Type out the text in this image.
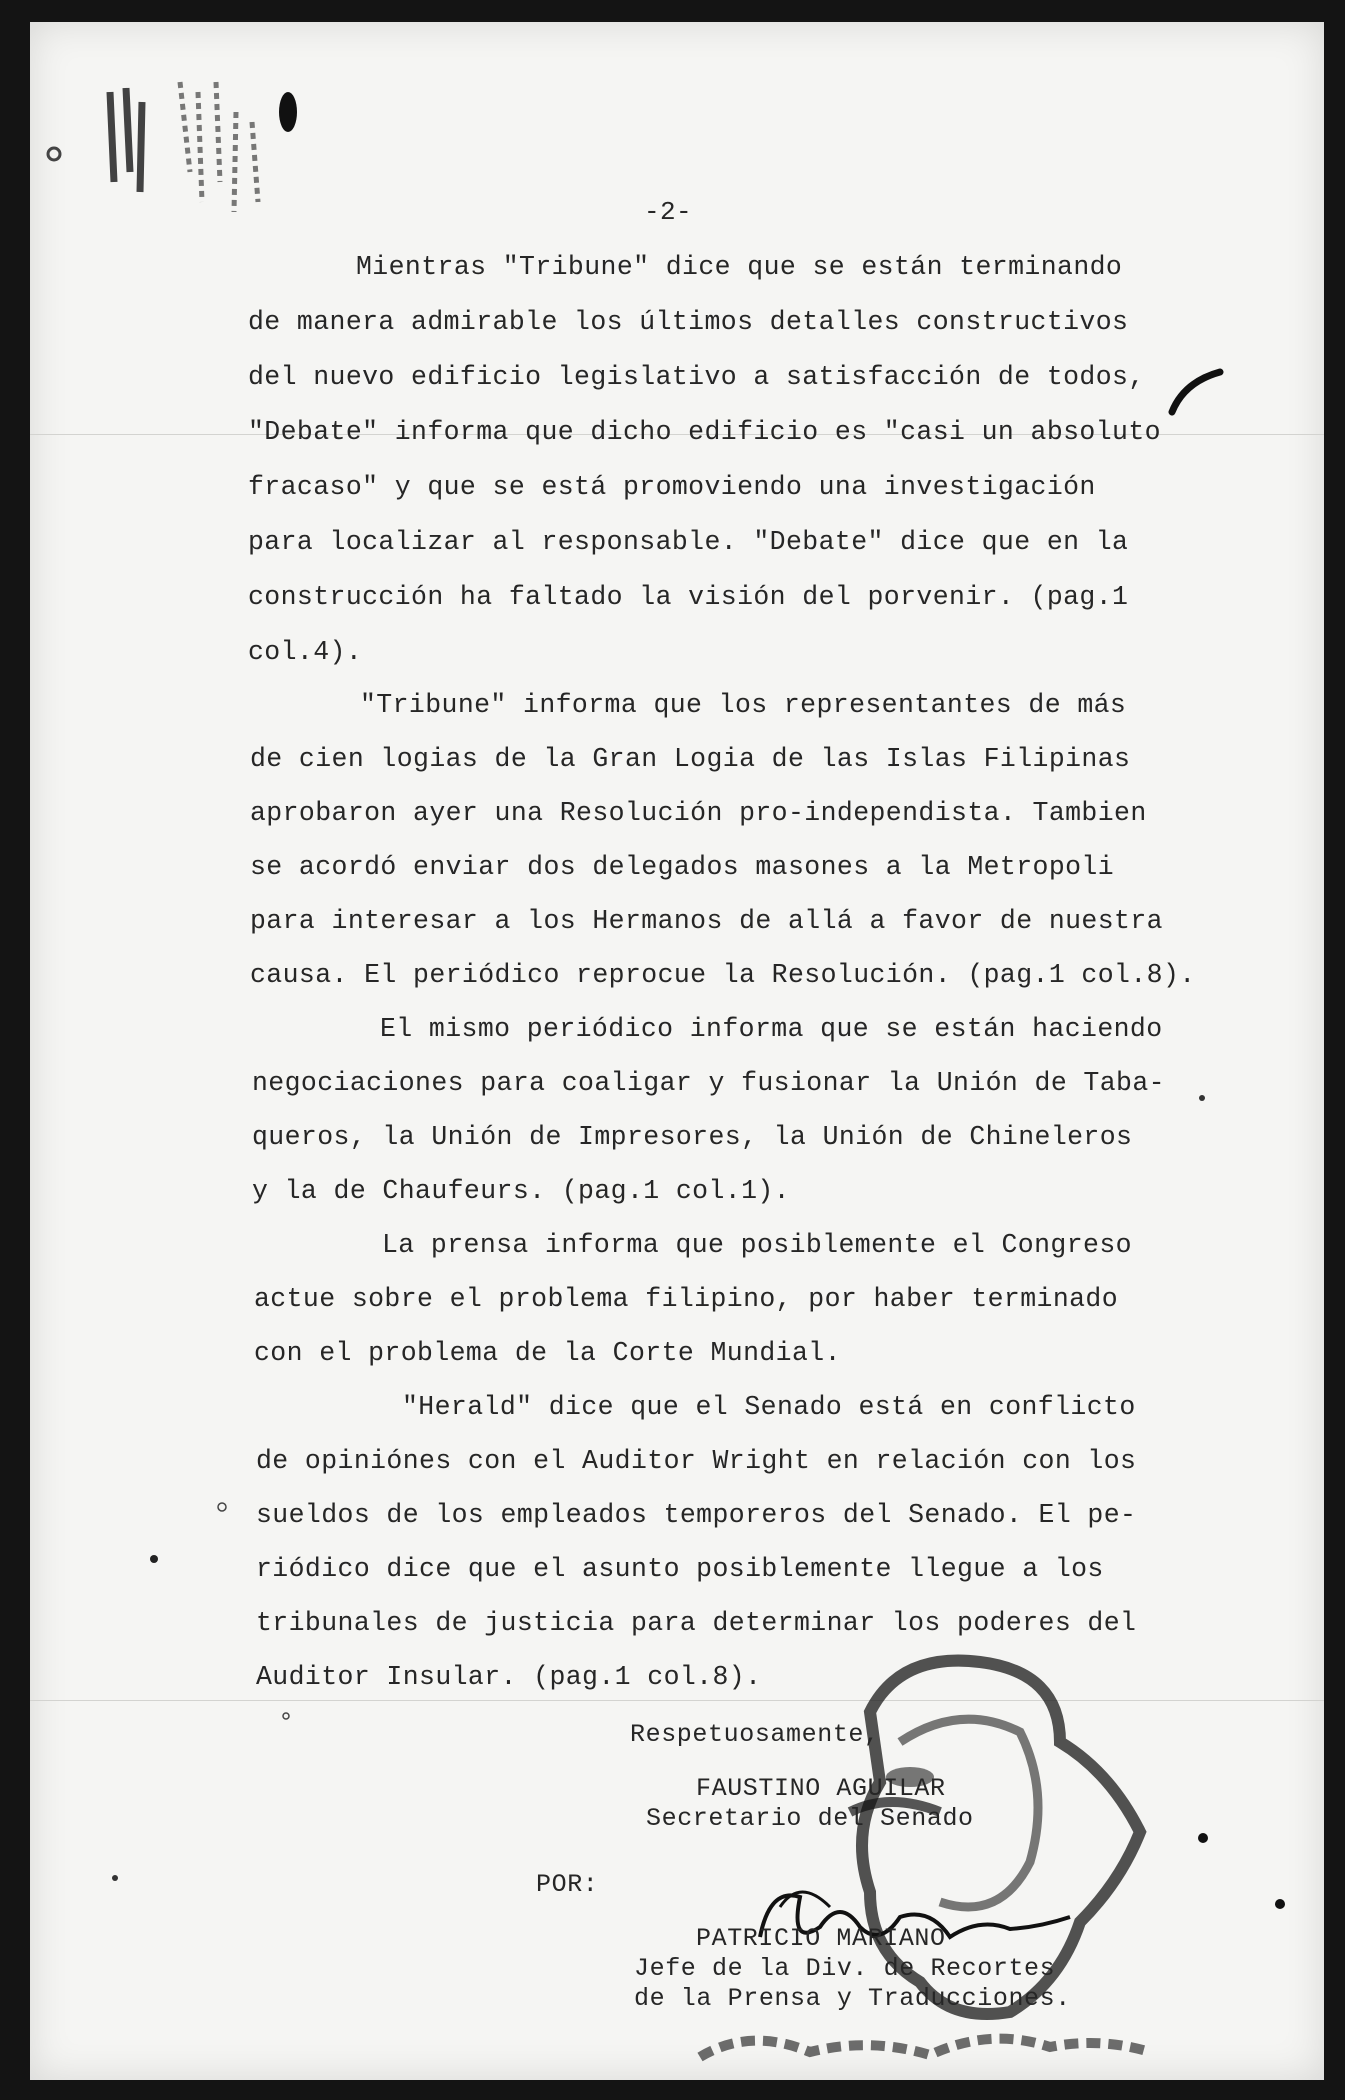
-2-
Mientras "Tribune" dice que se están terminando
de manera admirable los últimos detalles constructivos
del nuevo edificio legislativo a satisfacción de todos,
"Debate" informa que dicho edificio es "casi un absoluto
fracaso" y que se está promoviendo una investigación
para localizar al responsable. "Debate" dice que en la
construcción ha faltado la visión del porvenir. (pag.1
col.4).
"Tribune" informa que los representantes de más
de cien logias de la Gran Logia de las Islas Filipinas
aprobaron ayer una Resolución pro-independista. Tambien
se acordó enviar dos delegados masones a la Metropoli
para interesar a los Hermanos de allá a favor de nuestra
causa. El periódico reprocue la Resolución. (pag.1 col.8).
El mismo periódico informa que se están haciendo
negociaciones para coaligar y fusionar la Unión de Taba-
queros, la Unión de Impresores, la Unión de Chineleros
y la de Chaufeurs. (pag.1 col.1).
La prensa informa que posiblemente el Congreso
actue sobre el problema filipino, por haber terminado
con el problema de la Corte Mundial.
"Herald" dice que el Senado está en conflicto
de opiniónes con el Auditor Wright en relación con los
sueldos de los empleados temporeros del Senado. El pe-
riódico dice que el asunto posiblemente llegue a los
tribunales de justicia para determinar los poderes del
Auditor Insular. (pag.1 col.8).
Respetuosamente,
FAUSTINO AGUILAR
Secretario del Senado
POR:
PATRICIO MARIANO
Jefe de la Div. de Recortes
de la Prensa y Traducciones.
